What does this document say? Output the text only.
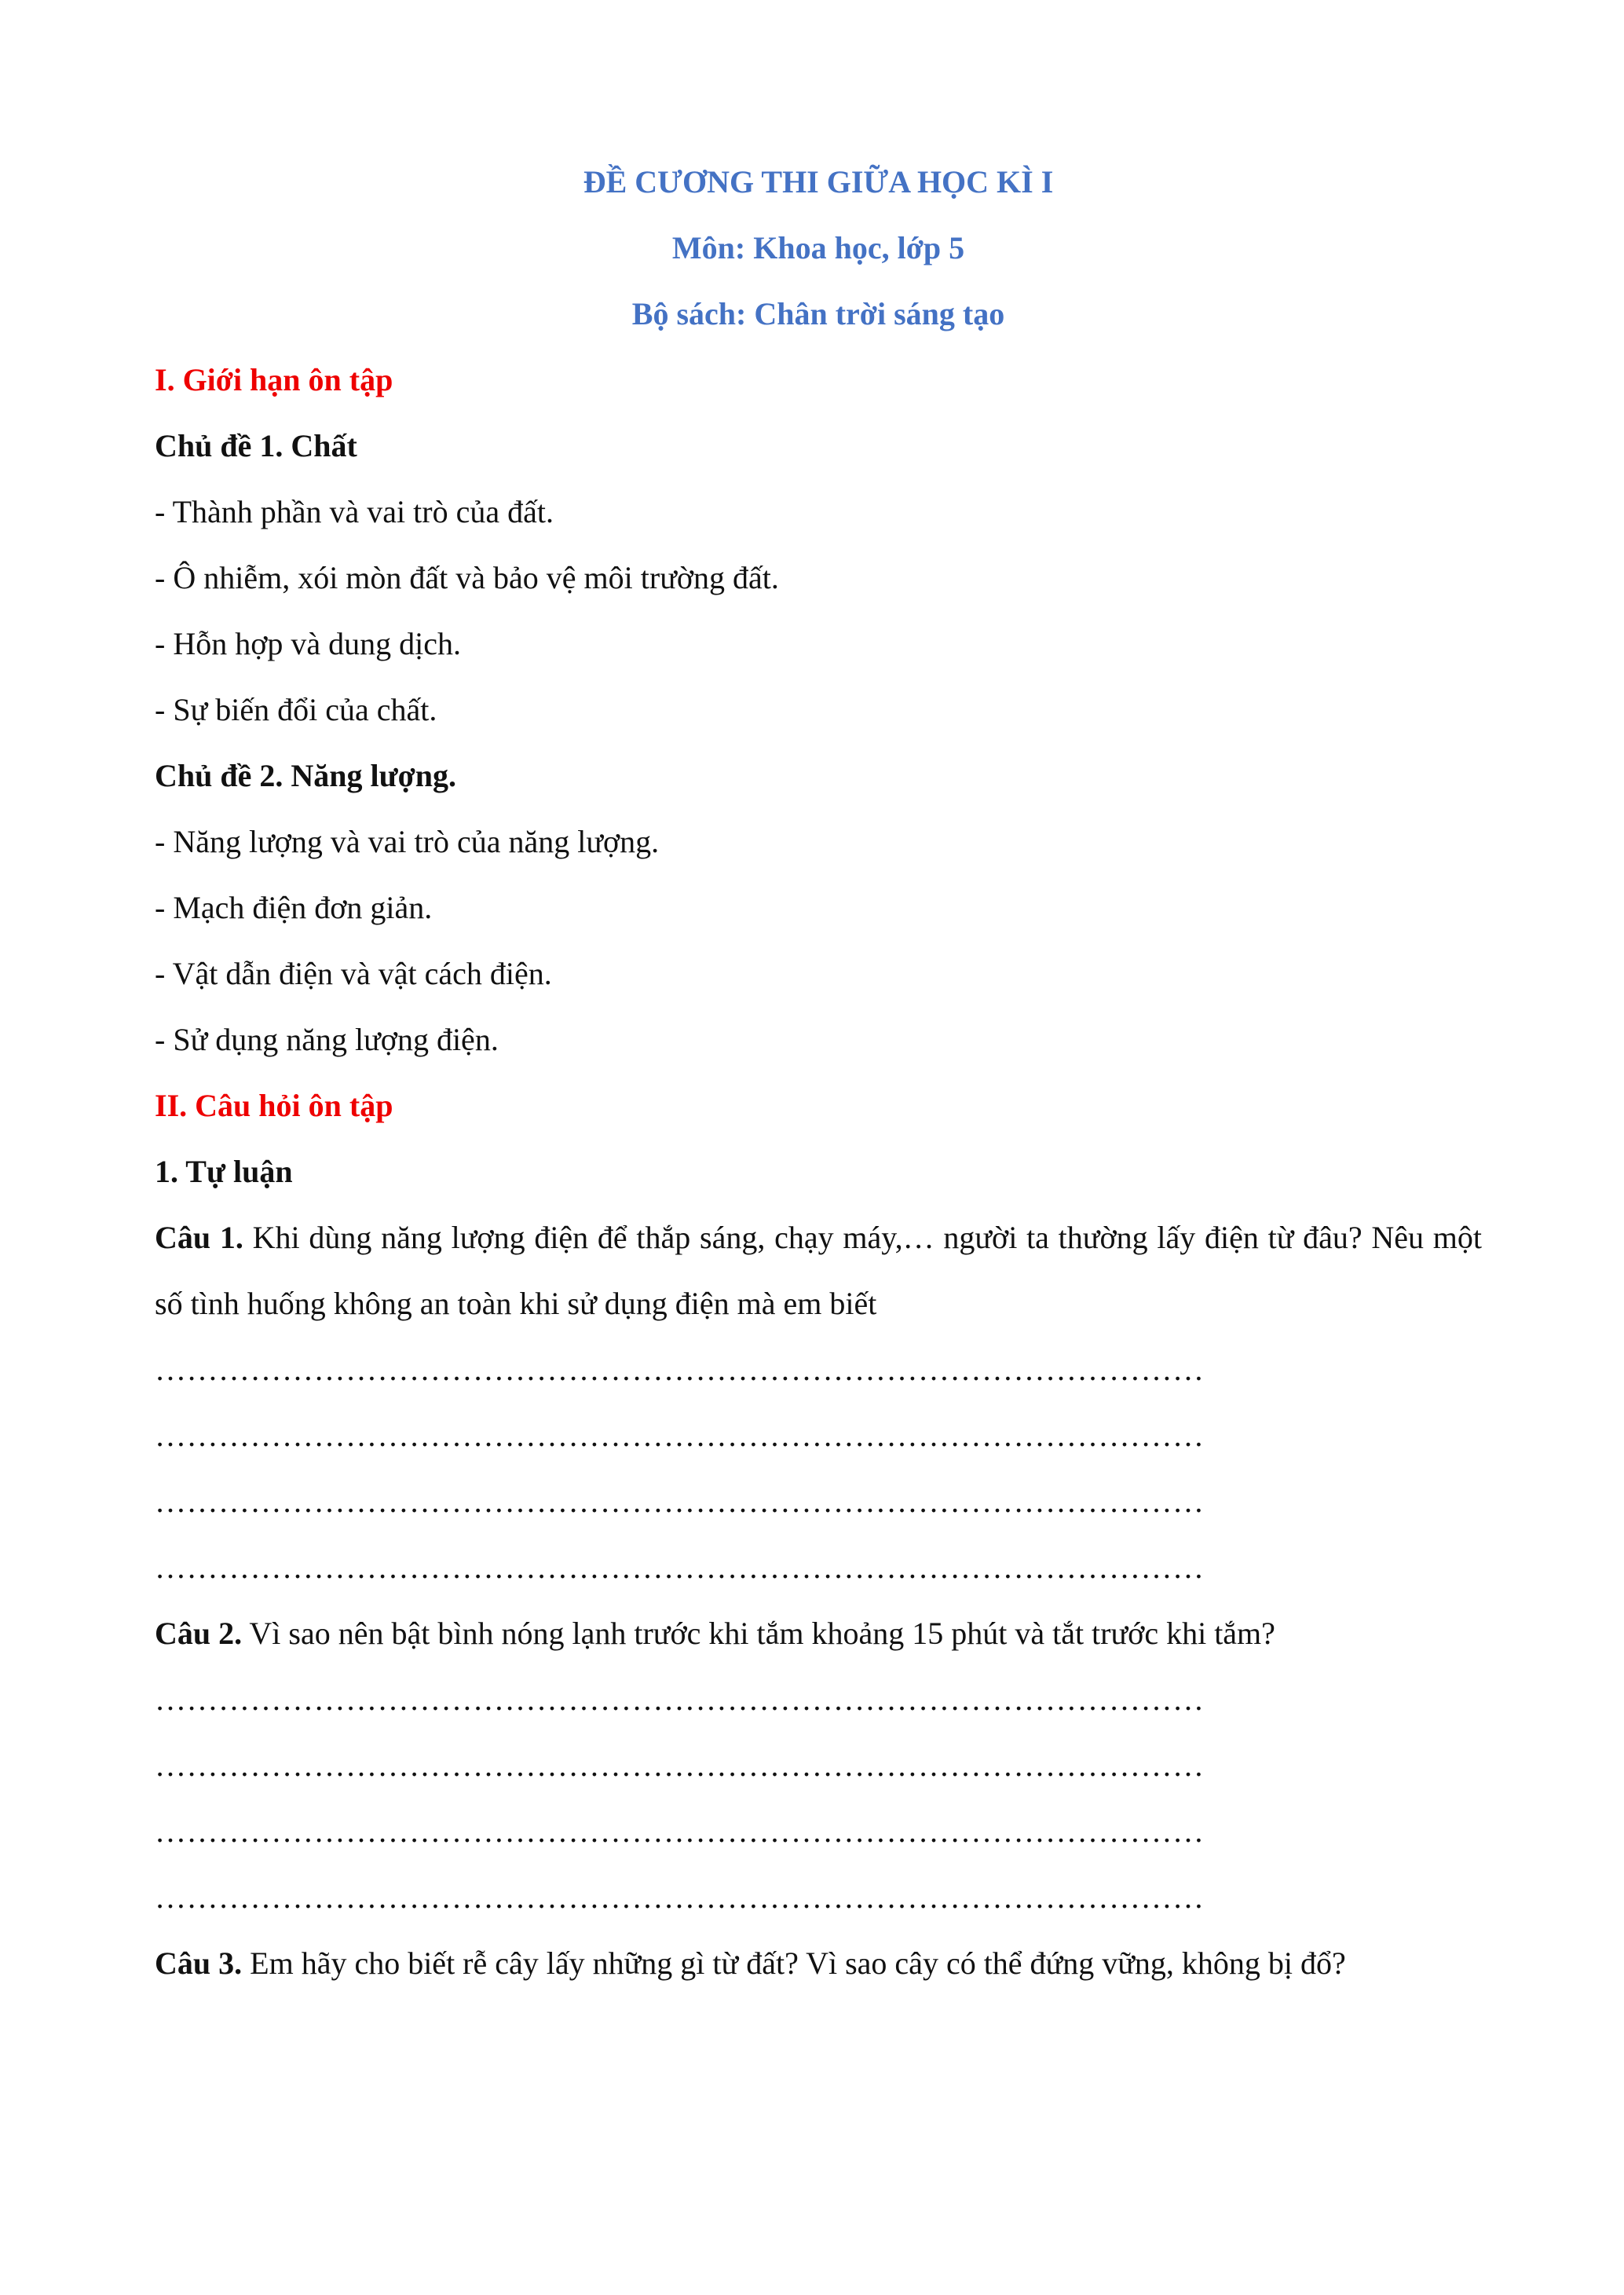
ĐỀ CƯƠNG THI GIỮA HỌC KÌ I

Môn: Khoa học, lớp 5

Bộ sách: Chân trời sáng tạo

I. Giới hạn ôn tập

Chủ đề 1. Chất

- Thành phần và vai trò của đất.

- Ô nhiễm, xói mòn đất và bảo vệ môi trường đất.

- Hỗn hợp và dung dịch.

- Sự biến đổi của chất.

Chủ đề 2. Năng lượng.

- Năng lượng và vai trò của năng lượng.

- Mạch điện đơn giản.

- Vật dẫn điện và vật cách điện.

- Sử dụng năng lượng điện.

II. Câu hỏi ôn tập

1. Tự luận

Câu 1. Khi dùng năng lượng điện để thắp sáng, chạy máy,… người ta thường lấy điện từ đâu? Nêu một số tình huống không an toàn khi sử dụng điện mà em biết

………………………………………………………………………………………

………………………………………………………………………………………

………………………………………………………………………………………

………………………………………………………………………………………

Câu 2. Vì sao nên bật bình nóng lạnh trước khi tắm khoảng 15 phút và tắt trước khi tắm?

………………………………………………………………………………………

………………………………………………………………………………………

………………………………………………………………………………………

………………………………………………………………………………………

Câu 3. Em hãy cho biết rễ cây lấy những gì từ đất? Vì sao cây có thể đứng vững, không bị đổ?
